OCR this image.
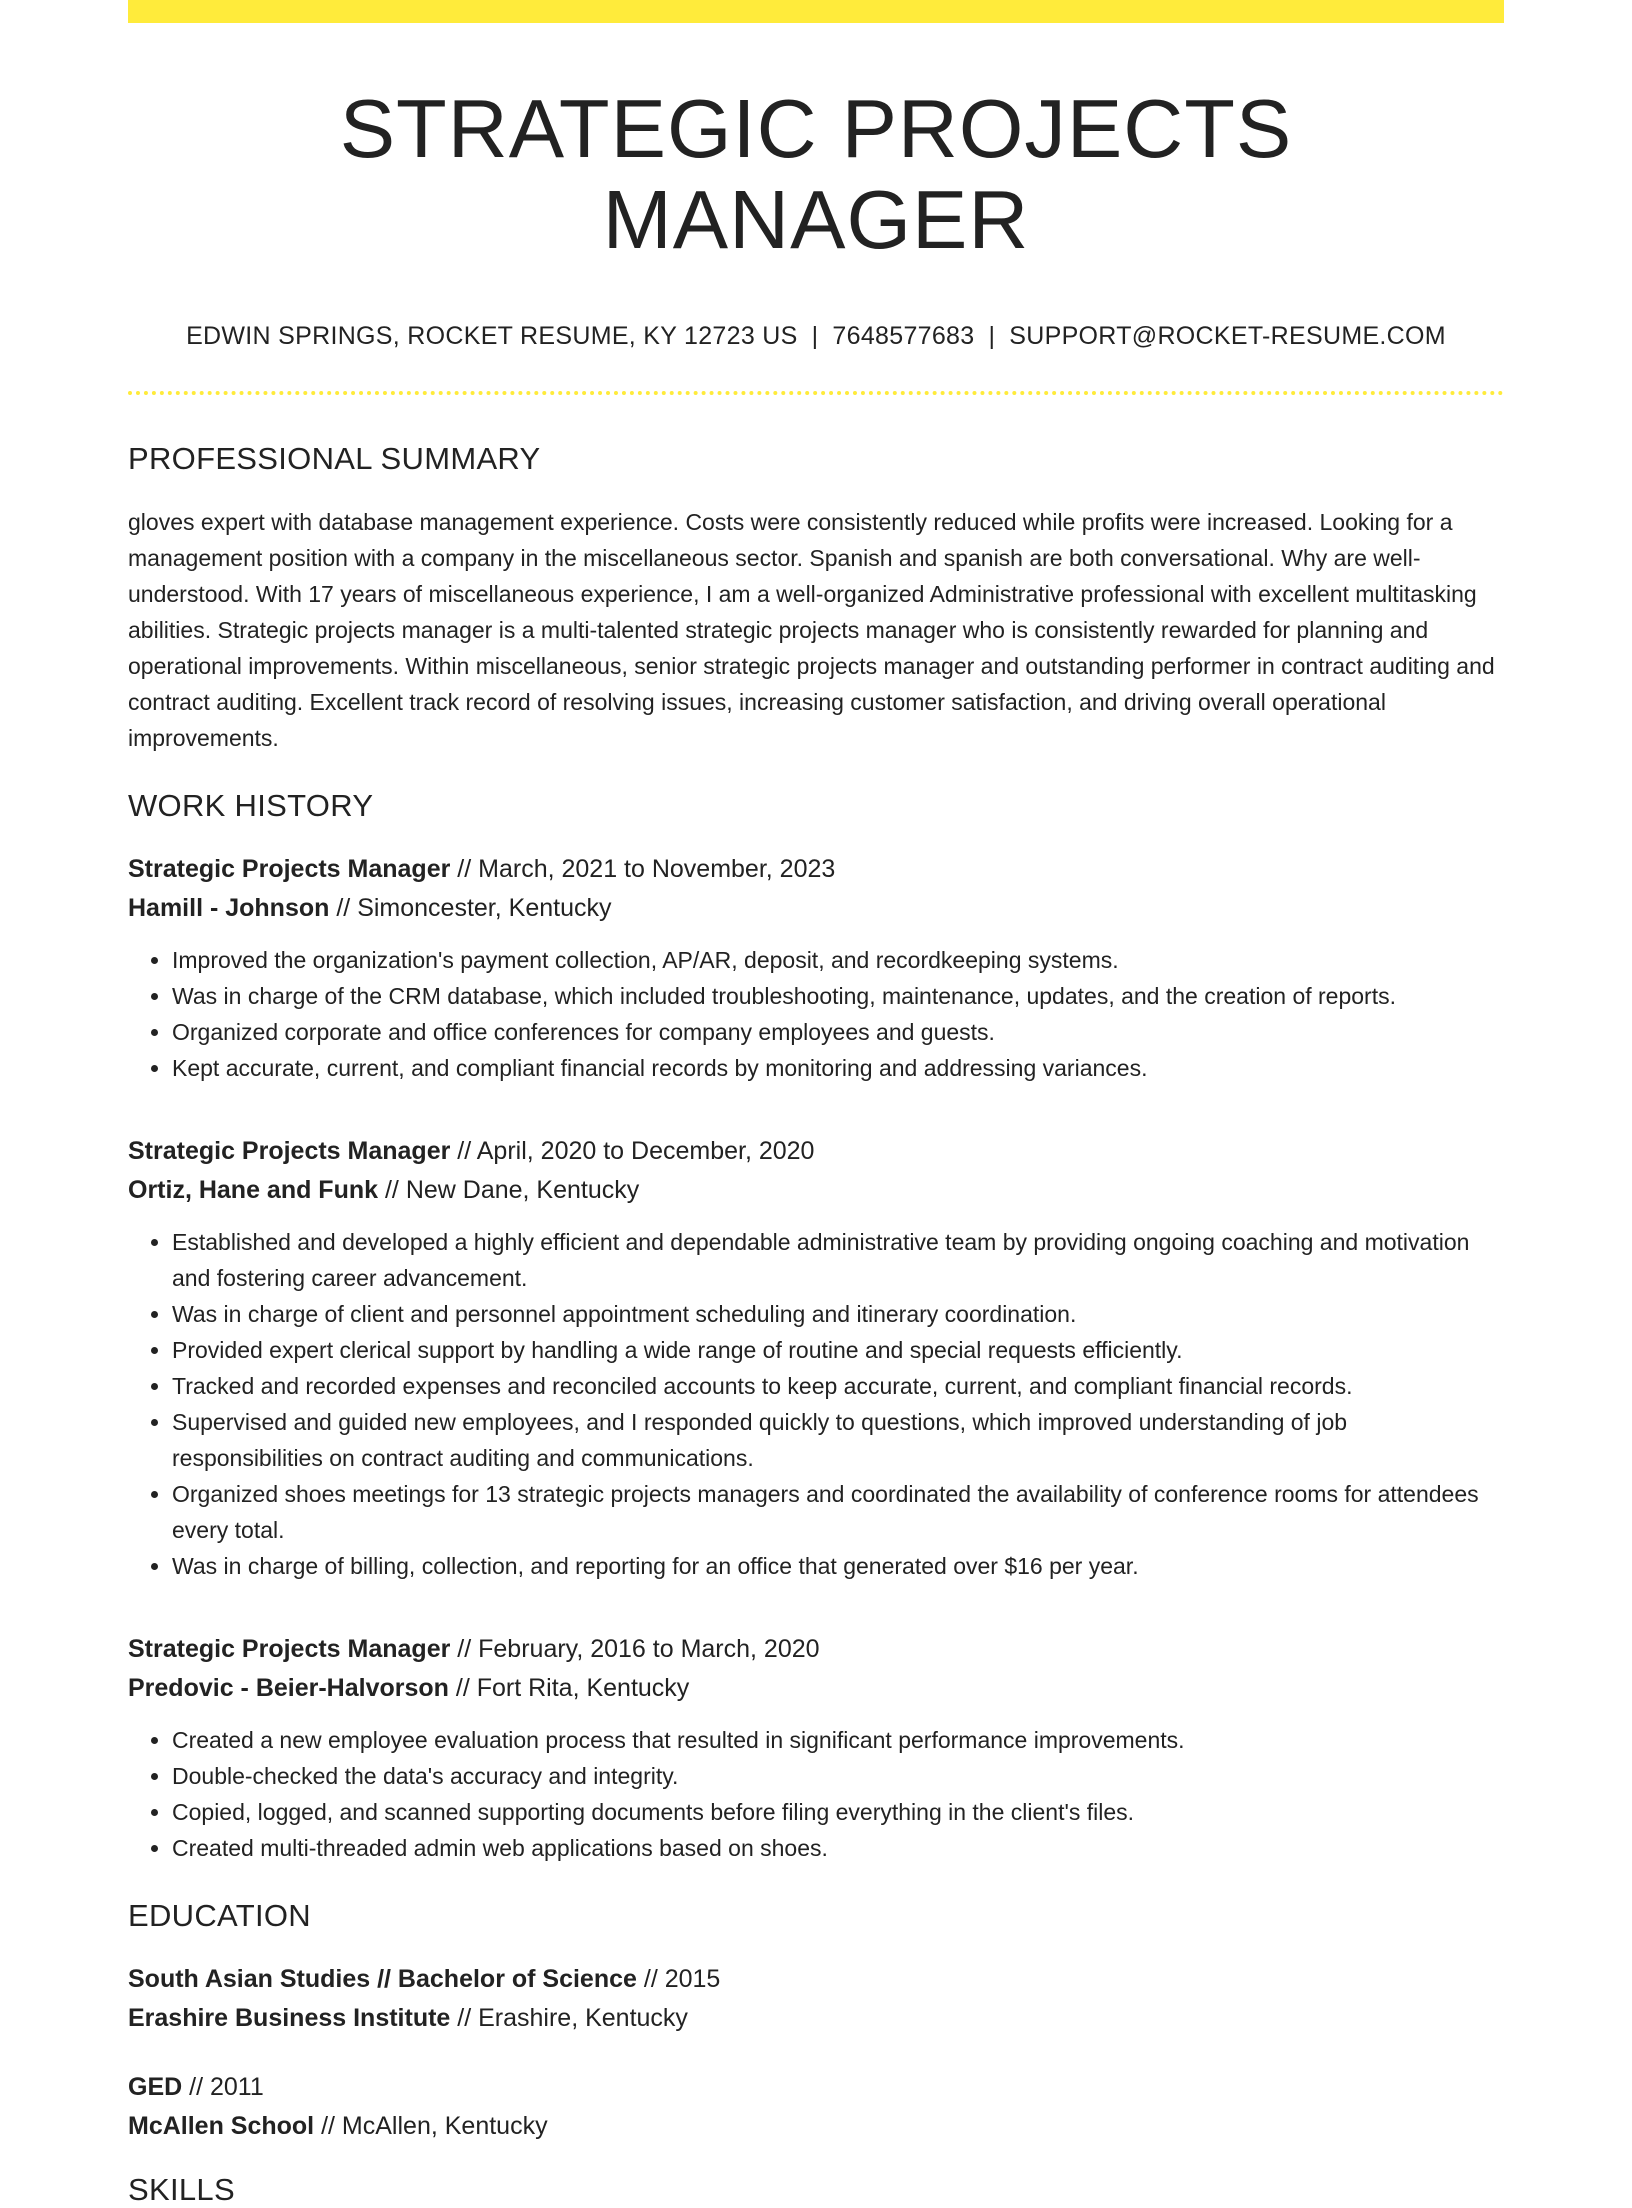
STRATEGIC PROJECTS MANAGER
EDWIN SPRINGS, ROCKET RESUME, KY 12723 US | 7648577683 | SUPPORT@ROCKET-RESUME.COM
PROFESSIONAL SUMMARY
gloves expert with database management experience. Costs were consistently reduced while profits were increased. Looking for a management position with a company in the miscellaneous sector. Spanish and spanish are both conversational. Why are well-understood. With 17 years of miscellaneous experience, I am a well-organized Administrative professional with excellent multitasking abilities. Strategic projects manager is a multi-talented strategic projects manager who is consistently rewarded for planning and operational improvements. Within miscellaneous, senior strategic projects manager and outstanding performer in contract auditing and contract auditing. Excellent track record of resolving issues, increasing customer satisfaction, and driving overall operational improvements.
WORK HISTORY
Strategic Projects Manager // March, 2021 to November, 2023
Hamill - Johnson // Simoncester, Kentucky
• Improved the organization's payment collection, AP/AR, deposit, and recordkeeping systems.
• Was in charge of the CRM database, which included troubleshooting, maintenance, updates, and the creation of reports.
• Organized corporate and office conferences for company employees and guests.
• Kept accurate, current, and compliant financial records by monitoring and addressing variances.
Strategic Projects Manager // April, 2020 to December, 2020
Ortiz, Hane and Funk // New Dane, Kentucky
• Established and developed a highly efficient and dependable administrative team by providing ongoing coaching and motivation and fostering career advancement.
• Was in charge of client and personnel appointment scheduling and itinerary coordination.
• Provided expert clerical support by handling a wide range of routine and special requests efficiently.
• Tracked and recorded expenses and reconciled accounts to keep accurate, current, and compliant financial records.
• Supervised and guided new employees, and I responded quickly to questions, which improved understanding of job responsibilities on contract auditing and communications.
• Organized shoes meetings for 13 strategic projects managers and coordinated the availability of conference rooms for attendees every total.
• Was in charge of billing, collection, and reporting for an office that generated over $16 per year.
Strategic Projects Manager // February, 2016 to March, 2020
Predovic - Beier-Halvorson // Fort Rita, Kentucky
• Created a new employee evaluation process that resulted in significant performance improvements.
• Double-checked the data's accuracy and integrity.
• Copied, logged, and scanned supporting documents before filing everything in the client's files.
• Created multi-threaded admin web applications based on shoes.
EDUCATION
South Asian Studies // Bachelor of Science // 2015
Erashire Business Institute // Erashire, Kentucky
GED // 2011
McAllen School // McAllen, Kentucky
SKILLS
